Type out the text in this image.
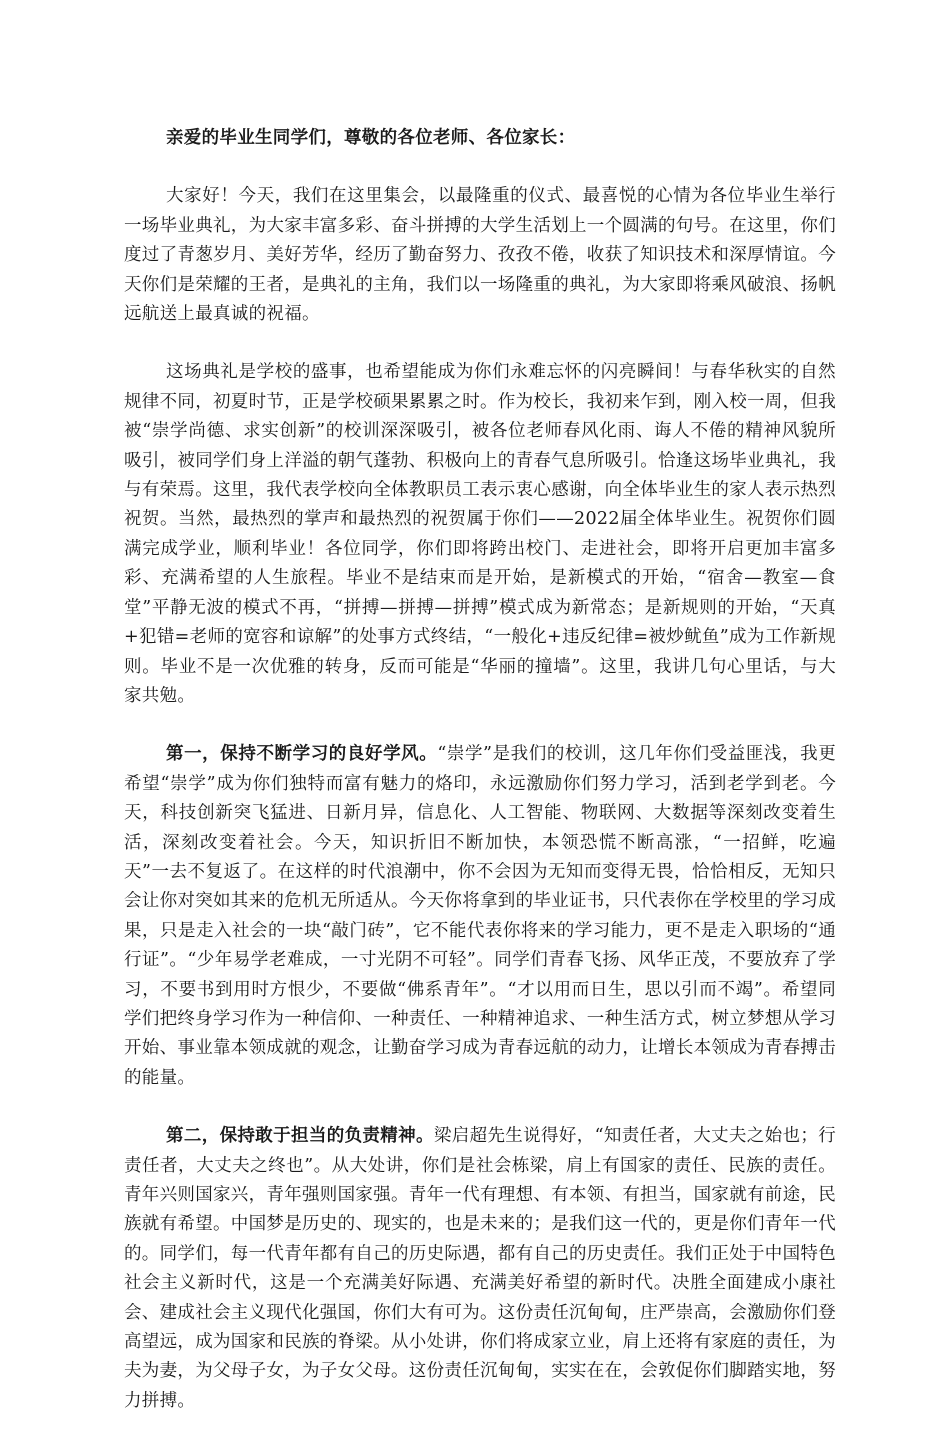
亲爱的毕业生同学们，尊敬的各位老师、各位家长：

大家好！今天，我们在这里集会，以最隆重的仪式、最喜悦的心情为各位毕业生举行一场毕业典礼，为大家丰富多彩、奋斗拼搏的大学生活划上一个圆满的句号。在这里，你们度过了青葱岁月、美好芳华，经历了勤奋努力、孜孜不倦，收获了知识技术和深厚情谊。今天你们是荣耀的王者，是典礼的主角，我们以一场隆重的典礼，为大家即将乘风破浪、扬帆远航送上最真诚的祝福。

这场典礼是学校的盛事，也希望能成为你们永难忘怀的闪亮瞬间！与春华秋实的自然规律不同，初夏时节，正是学校硕果累累之时。作为校长，我初来乍到，刚入校一周，但我被“崇学尚德、求实创新”的校训深深吸引，被各位老师春风化雨、诲人不倦的精神风貌所吸引，被同学们身上洋溢的朝气蓬勃、积极向上的青春气息所吸引。恰逢这场毕业典礼，我与有荣焉。这里，我代表学校向全体教职员工表示衷心感谢，向全体毕业生的家人表示热烈祝贺。当然，最热烈的掌声和最热烈的祝贺属于你们——2022届全体毕业生。祝贺你们圆满完成学业，顺利毕业！各位同学，你们即将跨出校门、走进社会，即将开启更加丰富多彩、充满希望的人生旅程。毕业不是结束而是开始，是新模式的开始，“宿舍—教室—食堂”平静无波的模式不再，“拼搏—拼搏—拼搏”模式成为新常态；是新规则的开始，“天真+犯错=老师的宽容和谅解”的处事方式终结，“一般化+违反纪律=被炒鱿鱼”成为工作新规则。毕业不是一次优雅的转身，反而可能是“华丽的撞墙”。这里，我讲几句心里话，与大家共勉。

第一，保持不断学习的良好学风。“崇学”是我们的校训，这几年你们受益匪浅，我更希望“崇学”成为你们独特而富有魅力的烙印，永远激励你们努力学习，活到老学到老。今天，科技创新突飞猛进、日新月异，信息化、人工智能、物联网、大数据等深刻改变着生活，深刻改变着社会。今天，知识折旧不断加快，本领恐慌不断高涨，“一招鲜，吃遍天”一去不复返了。在这样的时代浪潮中，你不会因为无知而变得无畏，恰恰相反，无知只会让你对突如其来的危机无所适从。今天你将拿到的毕业证书，只代表你在学校里的学习成果，只是走入社会的一块“敲门砖”，它不能代表你将来的学习能力，更不是走入职场的“通行证”。“少年易学老难成，一寸光阴不可轻”。同学们青春飞扬、风华正茂，不要放弃了学习，不要书到用时方恨少，不要做“佛系青年”。“才以用而日生，思以引而不竭”。希望同学们把终身学习作为一种信仰、一种责任、一种精神追求、一种生活方式，树立梦想从学习开始、事业靠本领成就的观念，让勤奋学习成为青春远航的动力，让增长本领成为青春搏击的能量。

第二，保持敢于担当的负责精神。梁启超先生说得好，“知责任者，大丈夫之始也；行责任者，大丈夫之终也”。从大处讲，你们是社会栋梁，肩上有国家的责任、民族的责任。青年兴则国家兴，青年强则国家强。青年一代有理想、有本领、有担当，国家就有前途，民族就有希望。中国梦是历史的、现实的，也是未来的；是我们这一代的，更是你们青年一代的。同学们，每一代青年都有自己的历史际遇，都有自己的历史责任。我们正处于中国特色社会主义新时代，这是一个充满美好际遇、充满美好希望的新时代。决胜全面建成小康社会、建成社会主义现代化强国，你们大有可为。这份责任沉甸甸，庄严崇高，会激励你们登高望远，成为国家和民族的脊梁。从小处讲，你们将成家立业，肩上还将有家庭的责任，为夫为妻，为父母子女，为子女父母。这份责任沉甸甸，实实在在，会敦促你们脚踏实地，努力拼搏。
